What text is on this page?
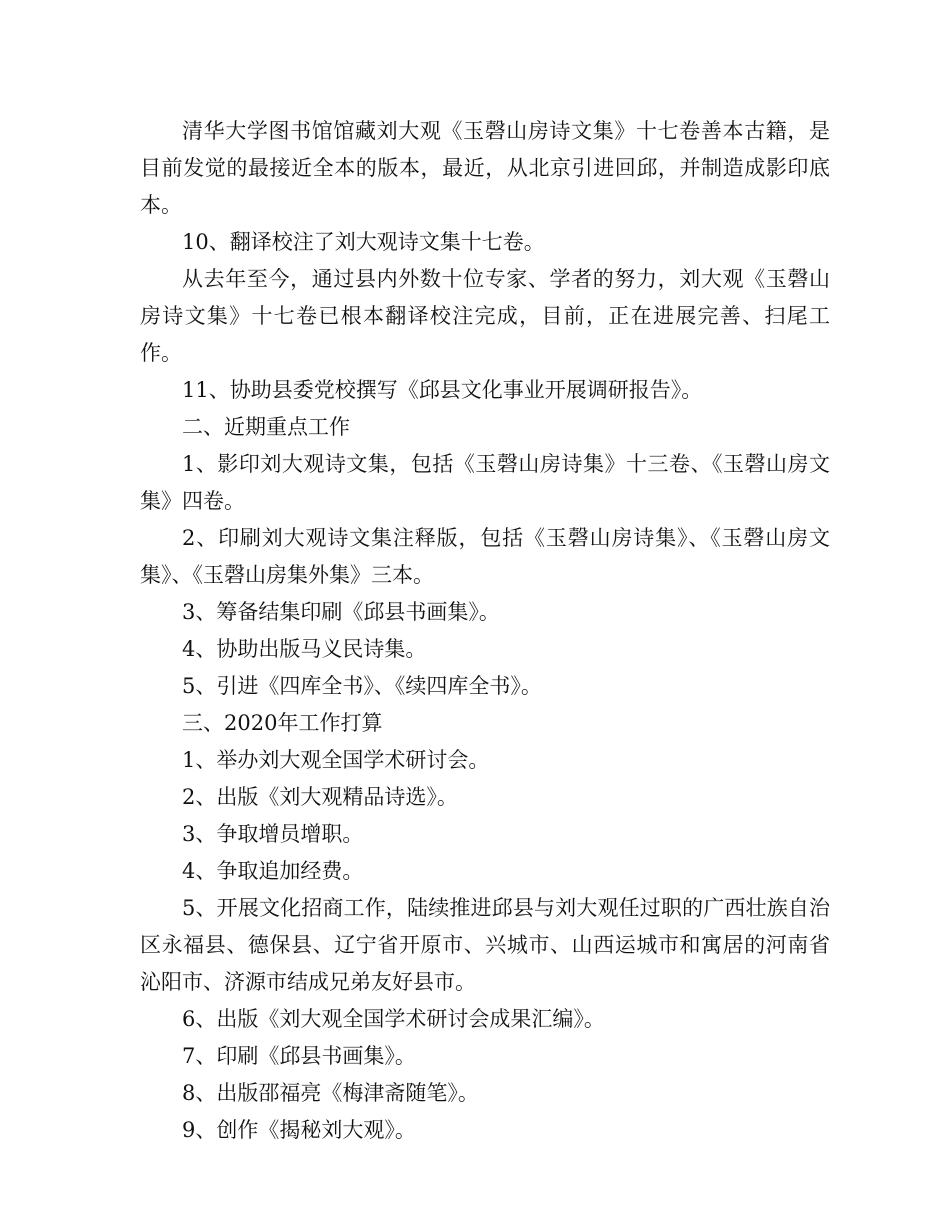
清华大学图书馆馆藏刘大观《玉磬山房诗文集》十七卷善本古籍，是目前发觉的最接近全本的版本，最近，从北京引进回邱，并制造成影印底本。

10、翻译校注了刘大观诗文集十七卷。

从去年至今，通过县内外数十位专家、学者的努力，刘大观《玉磬山房诗文集》十七卷已根本翻译校注完成，目前，正在进展完善、扫尾工作。

11、协助县委党校撰写《邱县文化事业开展调研报告》。

二、近期重点工作

1、影印刘大观诗文集，包括《玉磬山房诗集》十三卷、《玉磬山房文集》四卷。

2、印刷刘大观诗文集注释版，包括《玉磬山房诗集》、《玉磬山房文集》、《玉磬山房集外集》三本。

3、筹备结集印刷《邱县书画集》。

4、协助出版马义民诗集。

5、引进《四库全书》、《续四库全书》。

三、2020年工作打算

1、举办刘大观全国学术研讨会。

2、出版《刘大观精品诗选》。

3、争取增员增职。

4、争取追加经费。

5、开展文化招商工作，陆续推进邱县与刘大观任过职的广西壮族自治区永福县、德保县、辽宁省开原市、兴城市、山西运城市和寓居的河南省沁阳市、济源市结成兄弟友好县市。

6、出版《刘大观全国学术研讨会成果汇编》。

7、印刷《邱县书画集》。

8、出版邵福亮《梅津斋随笔》。

9、创作《揭秘刘大观》。
